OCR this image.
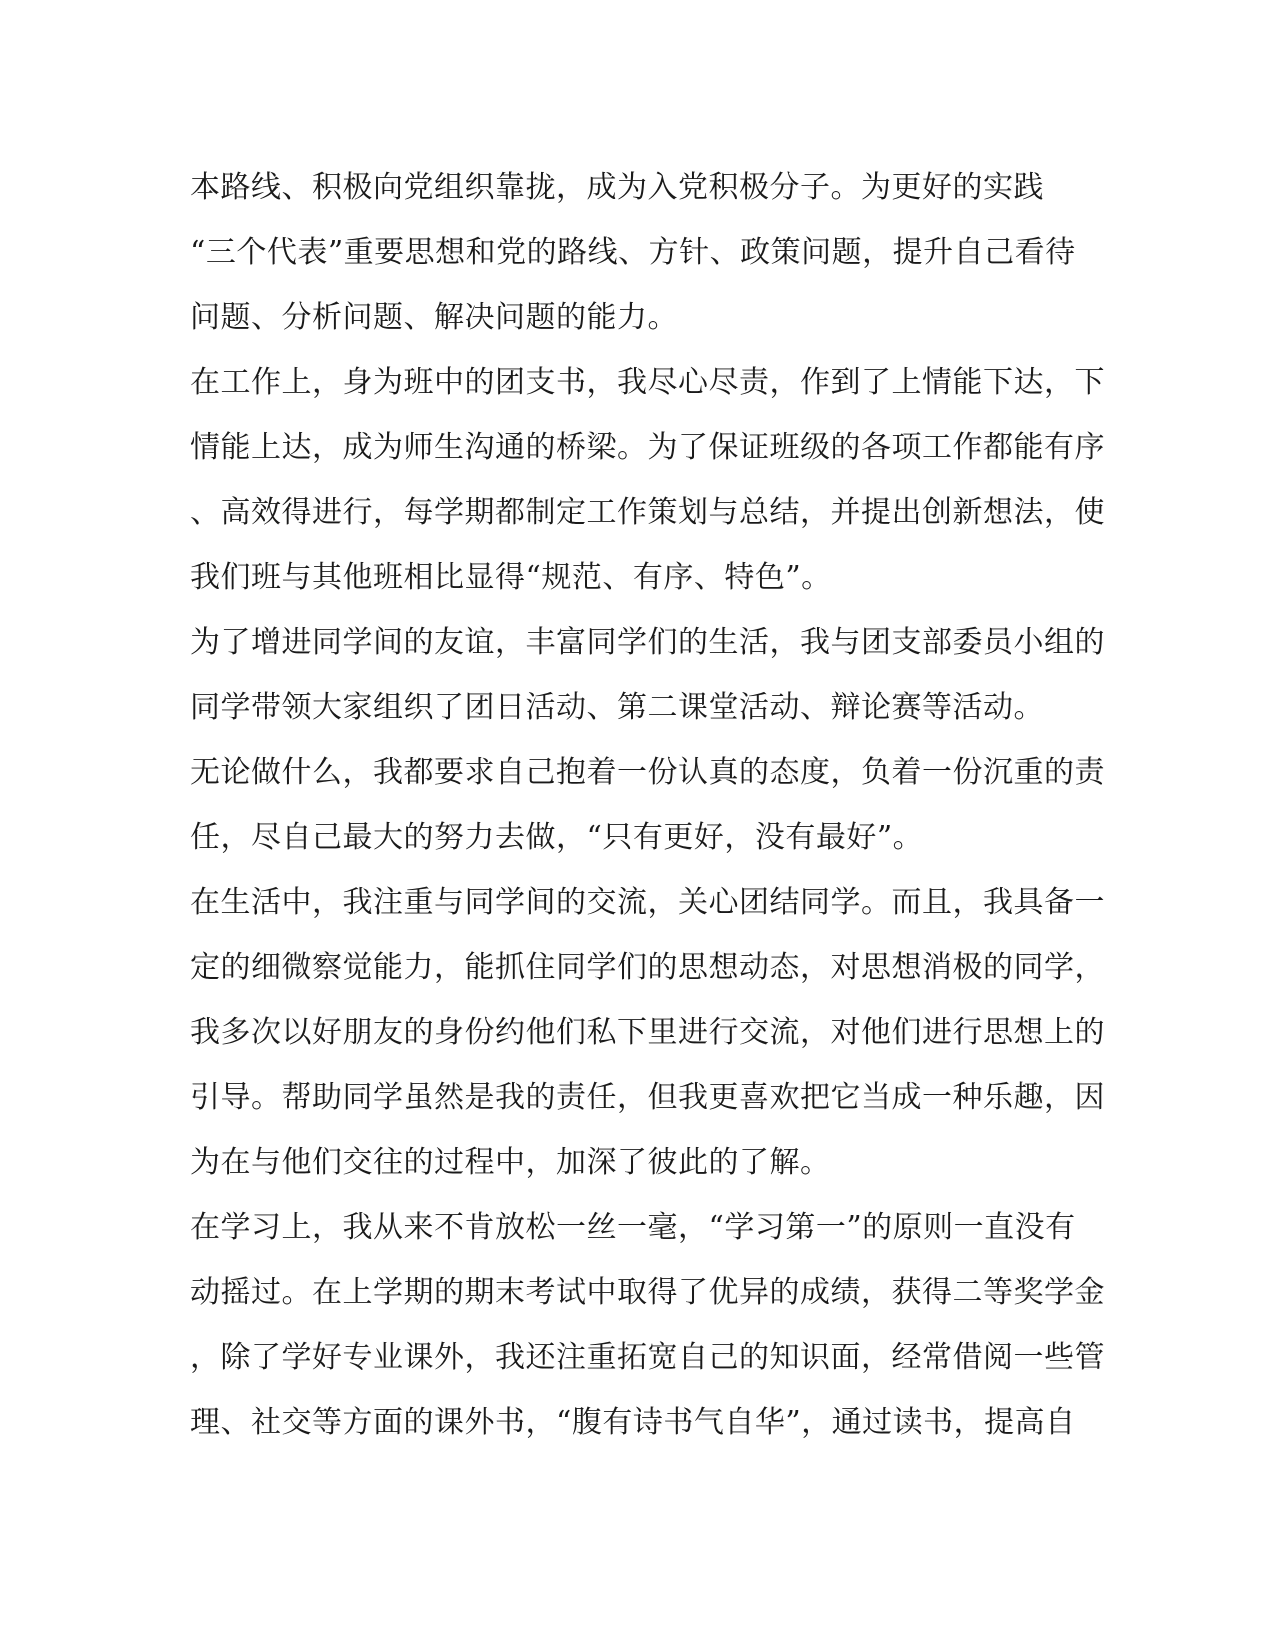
本路线、积极向党组织靠拢，成为入党积极分子。为更好的实践
“三个代表”重要思想和党的路线、方针、政策问题，提升自己看待
问题、分析问题、解决问题的能力。
在工作上，身为班中的团支书，我尽心尽责，作到了上情能下达，下
情能上达，成为师生沟通的桥梁。为了保证班级的各项工作都能有序
、高效得进行，每学期都制定工作策划与总结，并提出创新想法，使
我们班与其他班相比显得“规范、有序、特色”。
为了增进同学间的友谊，丰富同学们的生活，我与团支部委员小组的
同学带领大家组织了团日活动、第二课堂活动、辩论赛等活动。
无论做什么，我都要求自己抱着一份认真的态度，负着一份沉重的责
任，尽自己最大的努力去做，“只有更好，没有最好”。
在生活中，我注重与同学间的交流，关心团结同学。而且，我具备一
定的细微察觉能力，能抓住同学们的思想动态，对思想消极的同学，
我多次以好朋友的身份约他们私下里进行交流，对他们进行思想上的
引导。帮助同学虽然是我的责任，但我更喜欢把它当成一种乐趣，因
为在与他们交往的过程中，加深了彼此的了解。
在学习上，我从来不肯放松一丝一毫，“学习第一”的原则一直没有
动摇过。在上学期的期末考试中取得了优异的成绩，获得二等奖学金
，除了学好专业课外，我还注重拓宽自己的知识面，经常借阅一些管
理、社交等方面的课外书，“腹有诗书气自华”，通过读书，提高自
